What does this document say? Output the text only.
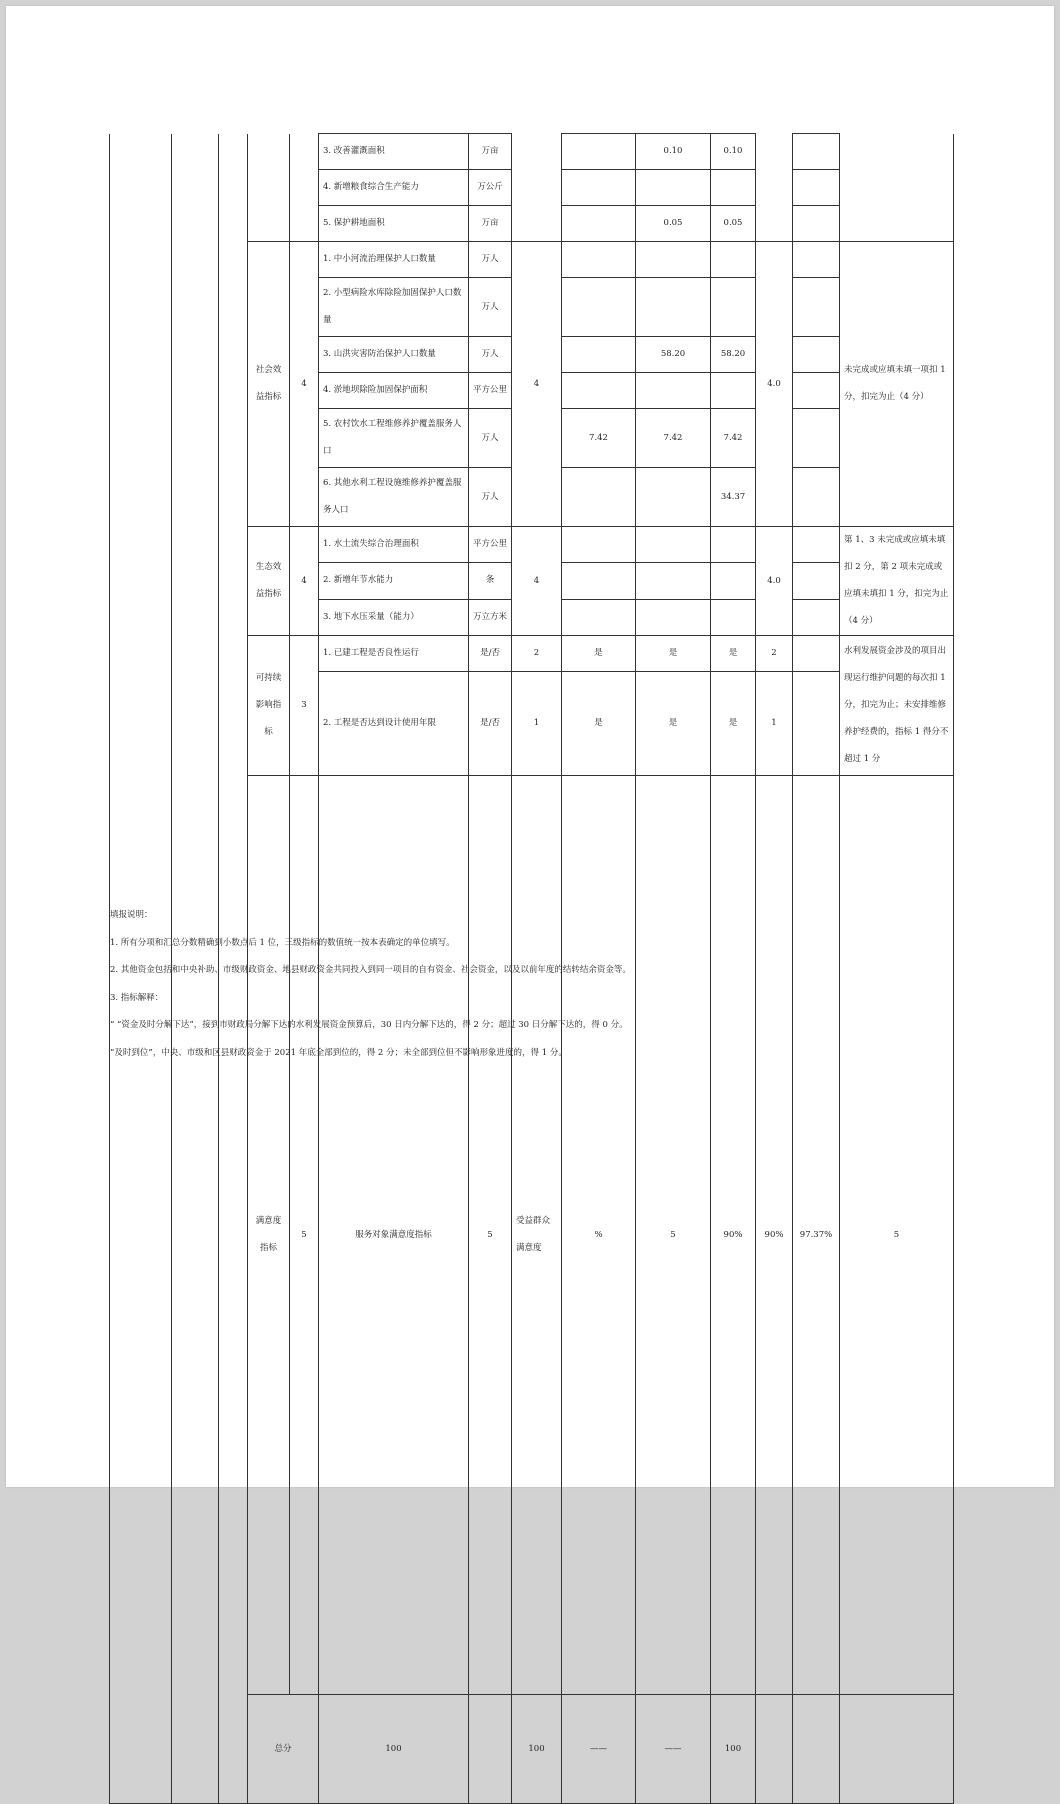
					3. 改善灌溉面积	万亩			0.10	0.10				
					4. 新增粮食综合生产能力	万公斤								
					5. 保护耕地面积	万亩			0.05	0.05				
			社会效益指标	4	1. 中小河流治理保护人口数量	万人	4				4.0		未完成或应填未填一项扣 1 分，扣完为止（4 分）	
					2. 小型病险水库除险加固保护人口数量	万人								
					3. 山洪灾害防治保护人口数量	万人			58.20	58.20				
					4. 淤地坝除险加固保护面积	平方公里								
					5. 农村饮水工程维修养护覆盖服务人口	万人		7.42	7.42	7.42				
					6. 其他水利工程设施维修养护覆盖服务人口	万人				34.37				
			生态效益指标	4	1. 水土流失综合治理面积	平方公里	4				4.0		第 1、3 未完成或应填未填扣 2 分，第 2 项未完成或应填未填扣 1 分，扣完为止（4 分）	
					2. 新增年节水能力	条								
					3. 地下水压采量（能力）	万立方米								
			可持续影响指标	3	1. 已建工程是否良性运行	是/否	2	是	是	是	2		水利发展资金涉及的项目出现运行维护问题的每次扣 1 分，扣完为止；未安排维修养护经费的，指标 1 得分不超过 1 分	
					2. 工程是否达到设计使用年限	是/否	1	是	是	是	1			
			满意度指标	5	服务对象满意度指标	5	受益群众满意度	%	5	90%	90%	97.37%	5		
			总分		100		100	——	——	100						

填报说明：

1. 所有分项和汇总分数精确到小数点后 1 位，三级指标的数值统一按本表确定的单位填写。

2. 其他资金包括和中央补助、市级财政资金、地县财政资金共同投入到同一项目的自有资金、社会资金，以及以前年度的结转结余资金等。

3. 指标解释：

“ “资金及时分解下达”，接到市财政局分解下达的水利发展资金预算后，30 日内分解下达的，得 2 分；超过 30 日分解下达的，得 0 分。

“及时到位”，中央、市级和区县财政资金于 2021 年底全部到位的，得 2 分；未全部到位但不影响形象进度的，得 1 分。
